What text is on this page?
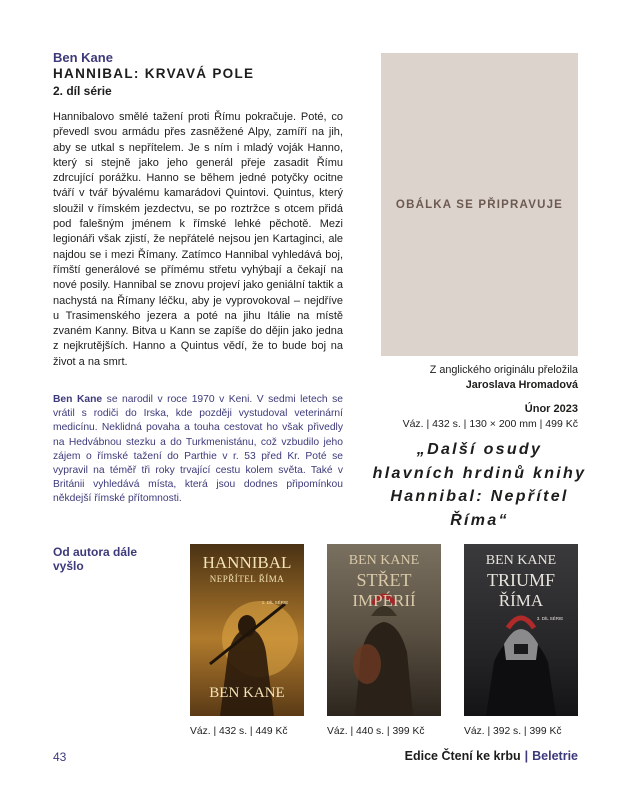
Ben Kane
HANNIBAL: KRVAVÁ POLE
2. díl série
Hannibalovo smělé tažení proti Římu pokračuje. Poté, co převedl svou armádu přes zasněžené Alpy, zamíří na jih, aby se utkal s nepřítelem. Je s ním i mladý voják Hanno, který si stejně jako jeho generál přeje zasadit Římu zdrcující porážku. Hanno se během jedné potyčky ocitne tváří v tvář bývalému kamarádovi Quintovi. Quintus, který sloužil v římském jezdectvu, se po roztržce s otcem přidá pod falešným jménem k římské lehké pěchotě. Mezi legionáři však zjistí, že nepřátelé nejsou jen Kartaginci, ale najdou se i mezi Římany. Zatímco Hannibal vyhledává boj, římští generálové se přímému střetu vyhýbají a čekají na nové posily. Hannibal se znovu projeví jako geniální taktik a nachystá na Římany léčku, aby je vyprovokoval – nejdříve u Trasimenského jezera a poté na jihu Itálie na místě zvaném Kanny. Bitva u Kann se zapíše do dějin jako jedna z nejkrutějších. Hanno a Quintus vědí, že to bude boj na život a na smrt.
Ben Kane se narodil v roce 1970 v Keni. V sedmi letech se vrátil s rodiči do Irska, kde později vystudoval veterinární medicínu. Neklidná povaha a touha cestovat ho však přivedly na Hedvábnou stezku a do Turkmenistánu, což vzbudilo jeho zájem o římské tažení do Parthie v r. 53 před Kr. Poté se vypravil na téměř tři roky trvající cestu kolem světa. Také v Británii vyhledává místa, která jsou dodnes připomínkou někdejší římské přítomnosti.
Od autora dále vyšlo
OBÁLKA SE PŘIPRAVUJE
Z anglického originálu přeložila
Jaroslava Hromadová
Únor 2023
Váz. | 432 s. | 130 × 200 mm | 499 Kč
„Další osudy hlavních hrdinů knihy Hannibal: Nepřítel Říma“
HANNIBAL
NEPŘÍTEL ŘÍMA
1. DÍL SÉRIE
BEN KANE
BEN KANE
STŘET
IMPÉRIÍ
BEN KANE
TRIUMF
ŘÍMA
3. DÍL SÉRIE
Váz. | 432 s. | 449 Kč	Váz. | 440 s. | 399 Kč	Váz. | 392 s. | 399 Kč
43	Edice Čtení ke krbu | Beletrie
